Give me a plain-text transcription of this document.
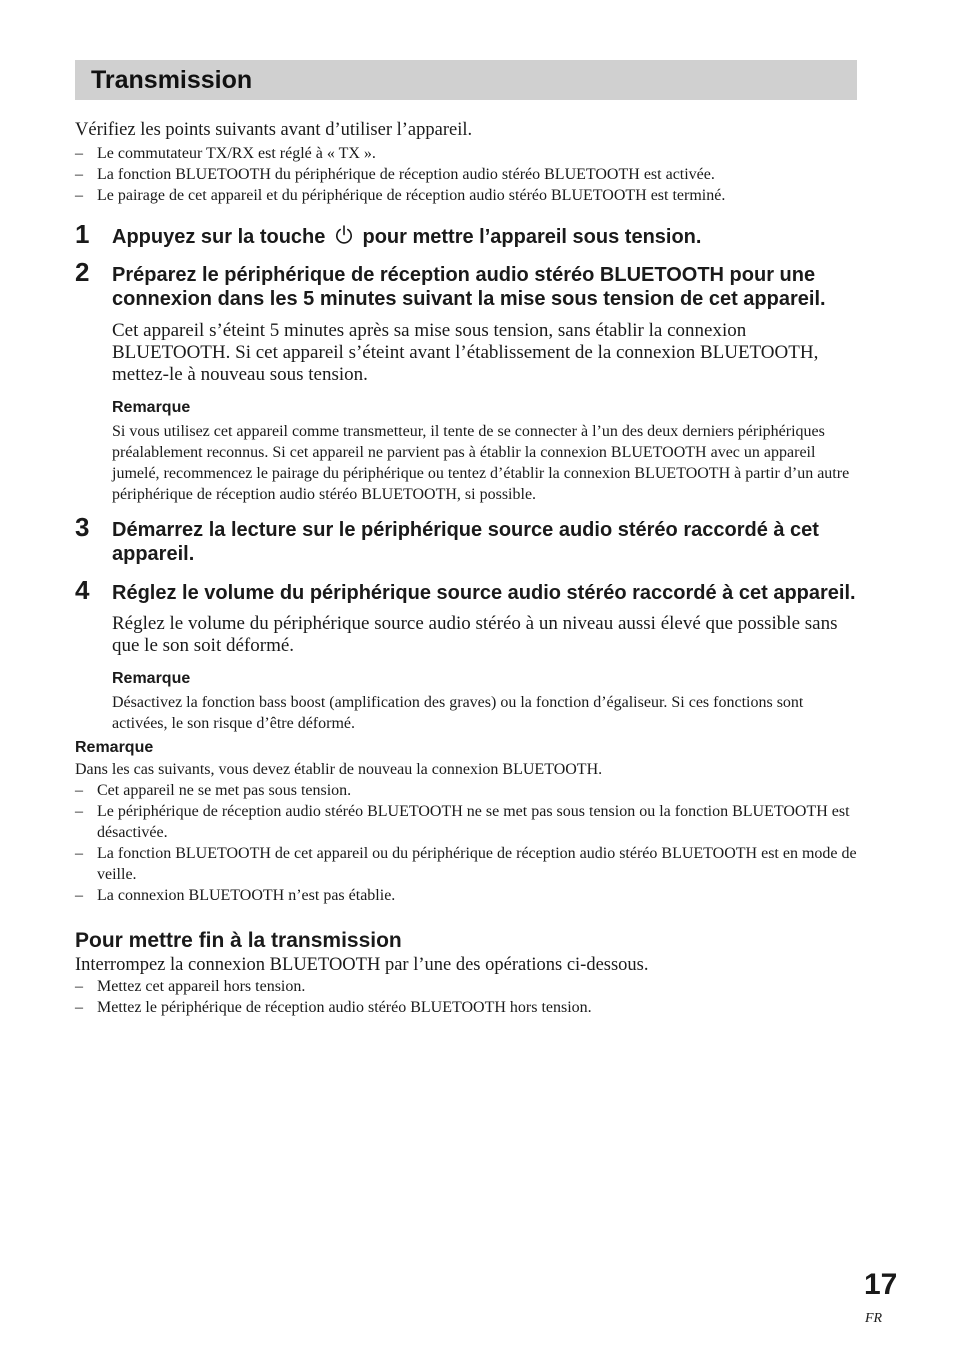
Transmission
Vérifiez les points suivants avant d’utiliser l’appareil.
– Le commutateur TX/RX est réglé à « TX ».
– La fonction BLUETOOTH du périphérique de réception audio stéréo BLUETOOTH est activée.
– Le pairage de cet appareil et du périphérique de réception audio stéréo BLUETOOTH est terminé.
1 Appuyez sur la touche pour mettre l’appareil sous tension.
2 Préparez le périphérique de réception audio stéréo BLUETOOTH pour une connexion dans les 5 minutes suivant la mise sous tension de cet appareil.
Cet appareil s’éteint 5 minutes après sa mise sous tension, sans établir la connexion BLUETOOTH. Si cet appareil s’éteint avant l’établissement de la connexion BLUETOOTH, mettez-le à nouveau sous tension.
Remarque
Si vous utilisez cet appareil comme transmetteur, il tente de se connecter à l’un des deux derniers périphériques préalablement reconnus. Si cet appareil ne parvient pas à établir la connexion BLUETOOTH avec un appareil jumelé, recommencez le pairage du périphérique ou tentez d’établir la connexion BLUETOOTH à partir d’un autre périphérique de réception audio stéréo BLUETOOTH, si possible.
3 Démarrez la lecture sur le périphérique source audio stéréo raccordé à cet appareil.
4 Réglez le volume du périphérique source audio stéréo raccordé à cet appareil.
Réglez le volume du périphérique source audio stéréo à un niveau aussi élevé que possible sans que le son soit déformé.
Remarque
Désactivez la fonction bass boost (amplification des graves) ou la fonction d’égaliseur. Si ces fonctions sont activées, le son risque d’être déformé.
Remarque
Dans les cas suivants, vous devez établir de nouveau la connexion BLUETOOTH.
– Cet appareil ne se met pas sous tension.
– Le périphérique de réception audio stéréo BLUETOOTH ne se met pas sous tension ou la fonction BLUETOOTH est désactivée.
– La fonction BLUETOOTH de cet appareil ou du périphérique de réception audio stéréo BLUETOOTH est en mode de veille.
– La connexion BLUETOOTH n’est pas établie.
Pour mettre fin à la transmission
Interrompez la connexion BLUETOOTH par l’une des opérations ci-dessous.
– Mettez cet appareil hors tension.
– Mettez le périphérique de réception audio stéréo BLUETOOTH hors tension.
17
FR
